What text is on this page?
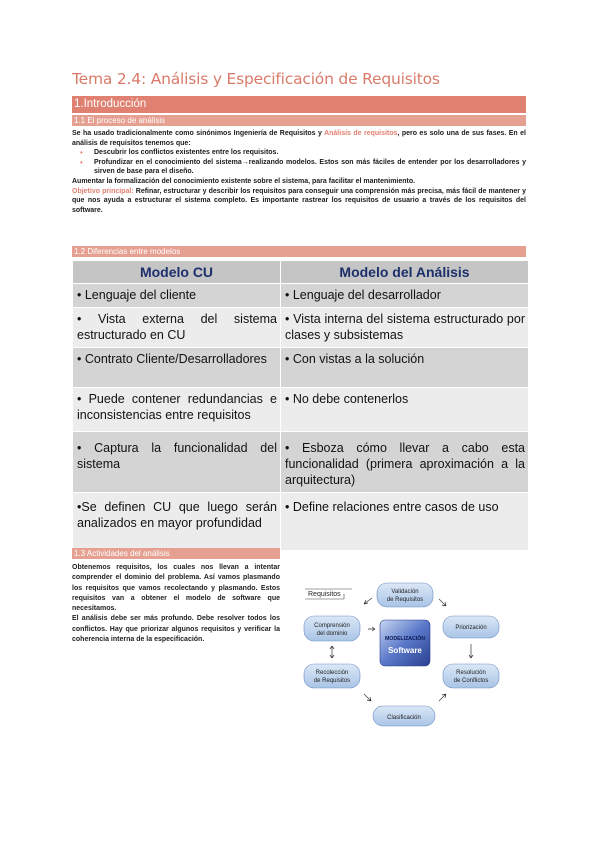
Tema 2.4: Análisis y Especificación de Requisitos
1.Introducción
1.1 El proceso de análisis
Se ha usado tradicionalmente como sinónimos Ingeniería de Requisitos y Análisis de requisitos, pero es solo una de sus fases. En el análisis de requisitos tenemos que:
• Descubrir los conflictos existentes entre los requisitos.
• Profundizar en el conocimiento del sistema→realizando modelos. Estos son más fáciles de entender por los desarrolladores y sirven de base para el diseño.
Aumentar la formalización del conocimiento existente sobre el sistema, para facilitar el mantenimiento.
Objetivo principal: Refinar, estructurar y describir los requisitos para conseguir una comprensión más precisa, más fácil de mantener y que nos ayuda a estructurar el sistema completo. Es importante rastrear los requisitos de usuario a través de los requisitos del software.
1.2 Diferencias entre modelos
Modelo CU	Modelo del Análisis
• Lenguaje del cliente	• Lenguaje del desarrollador
• Vista externa del sistema estructurado en CU	• Vista interna del sistema estructurado por clases y subsistemas
• Contrato Cliente/Desarrolladores	• Con vistas a la solución
• Puede contener redundancias e inconsistencias entre requisitos	• No debe contenerlos
• Captura la funcionalidad del sistema	• Esboza cómo llevar a cabo esta funcionalidad (primera aproximación a la arquitectura)
•Se definen CU que luego serán analizados en mayor profundidad	• Define relaciones entre casos de uso
1.3 Actividades del análisis
Obtenemos requisitos, los cuales nos llevan a intentar comprender el dominio del problema. Así vamos plasmando los requisitos que vamos recolectando y plasmando. Estos requisitos van a obtener el modelo de software que necesitamos.
El análisis debe ser más profundo. Debe resolver todos los conflictos. Hay que priorizar algunos requisitos y verificar la coherencia interna de la especificación.
Requisitos	Validación
de Requisitos
Comprensión
del dominio
Priorización
MODELIZACIÓN
Software
Recolección
de Requisitos
Resolución
de Conflictos
Clasificación
